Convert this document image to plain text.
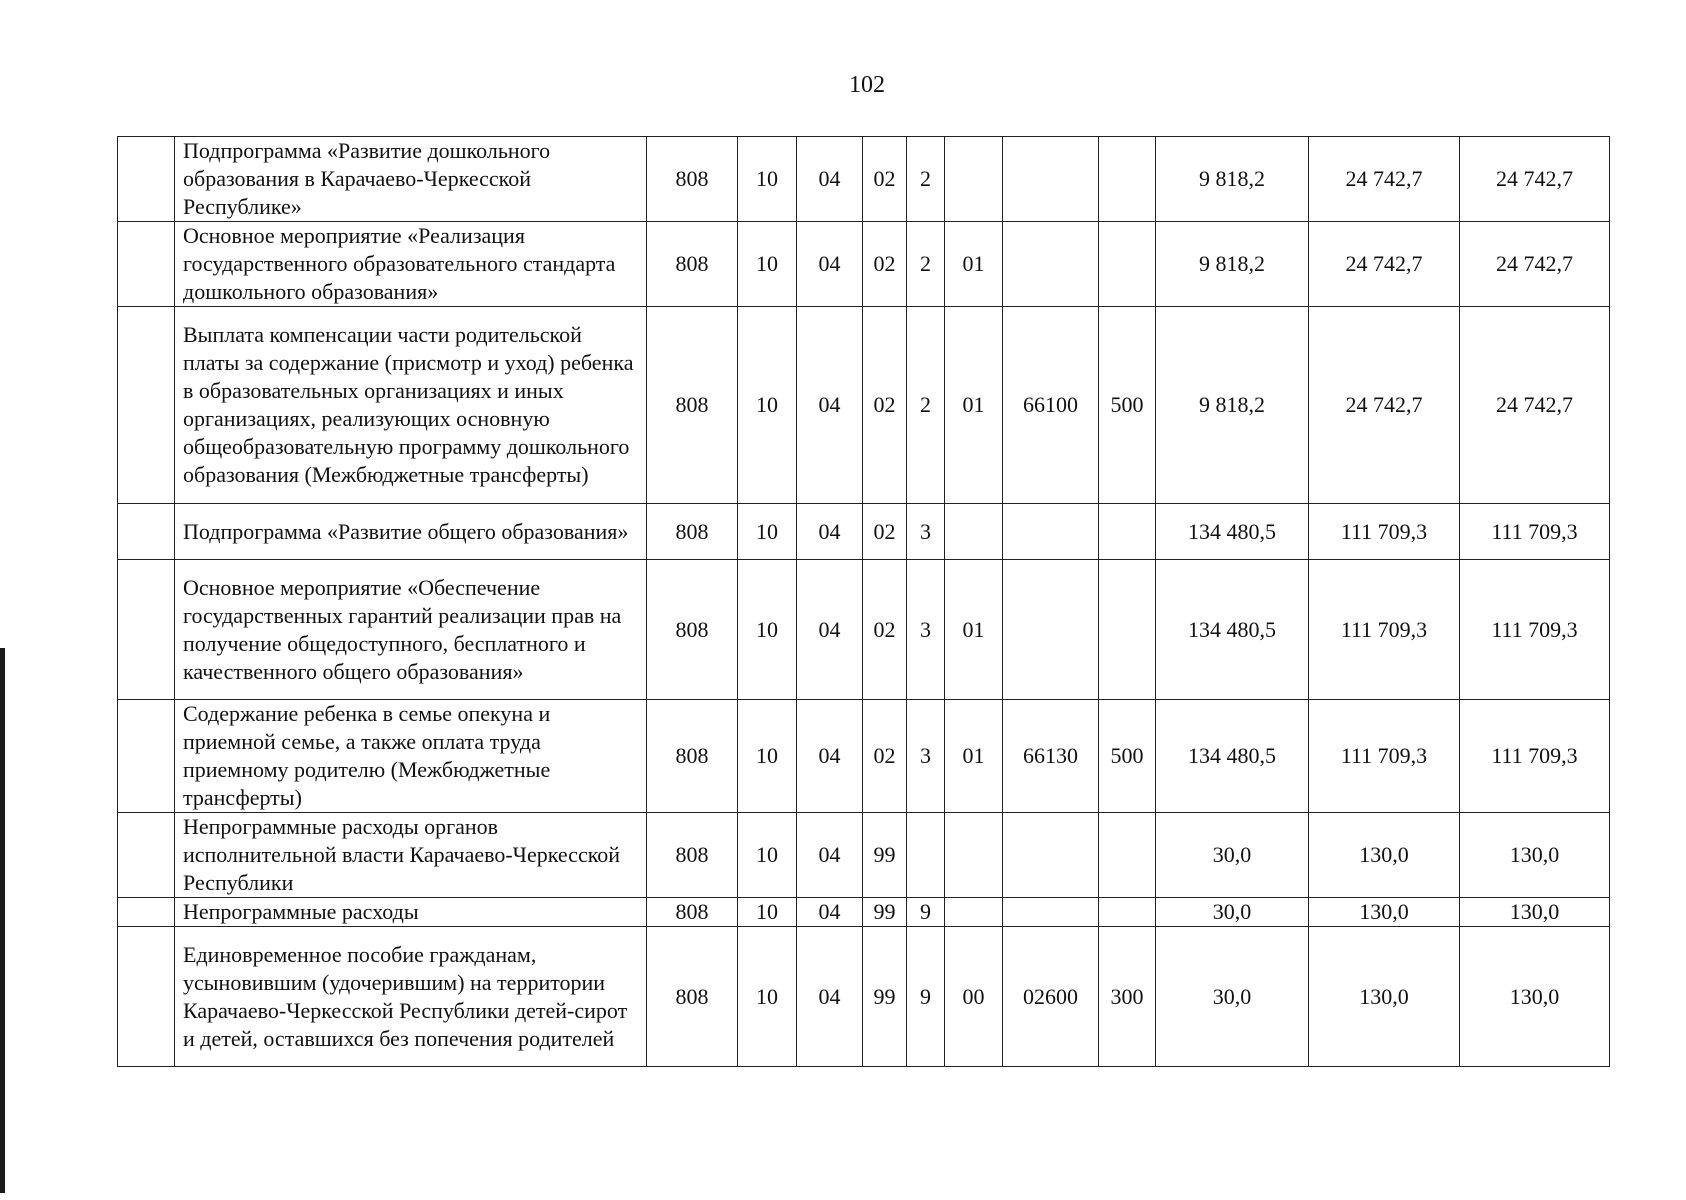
102
	Подпрограмма «Развитие дошкольного образования в Карачаево-Черкесской Республике»	808	10	04	02	2				9 818,2	24 742,7	24 742,7
	Основное мероприятие «Реализация государственного образовательного стандарта дошкольного образования»	808	10	04	02	2	01			9 818,2	24 742,7	24 742,7
	Выплата компенсации части родительской платы за содержание (присмотр и уход) ребенка в образовательных организациях и иных организациях, реализующих основную общеобразовательную программу дошкольного образования (Межбюджетные трансферты)	808	10	04	02	2	01	66100	500	9 818,2	24 742,7	24 742,7
	Подпрограмма «Развитие общего образования»	808	10	04	02	3				134 480,5	111 709,3	111 709,3
	Основное мероприятие «Обеспечение государственных гарантий реализации прав на получение общедоступного, бесплатного и качественного общего образования»	808	10	04	02	3	01			134 480,5	111 709,3	111 709,3
	Содержание ребенка в семье опекуна и приемной семье, а также оплата труда приемному родителю (Межбюджетные трансферты)	808	10	04	02	3	01	66130	500	134 480,5	111 709,3	111 709,3
	Непрограммные расходы органов исполнительной власти Карачаево-Черкесской Республики	808	10	04	99					30,0	130,0	130,0
	Непрограммные расходы	808	10	04	99	9				30,0	130,0	130,0
	Единовременное пособие гражданам, усыновившим (удочерившим) на территории Карачаево-Черкесской Республики детей-сирот и детей, оставшихся без попечения родителей	808	10	04	99	9	00	02600	300	30,0	130,0	130,0
